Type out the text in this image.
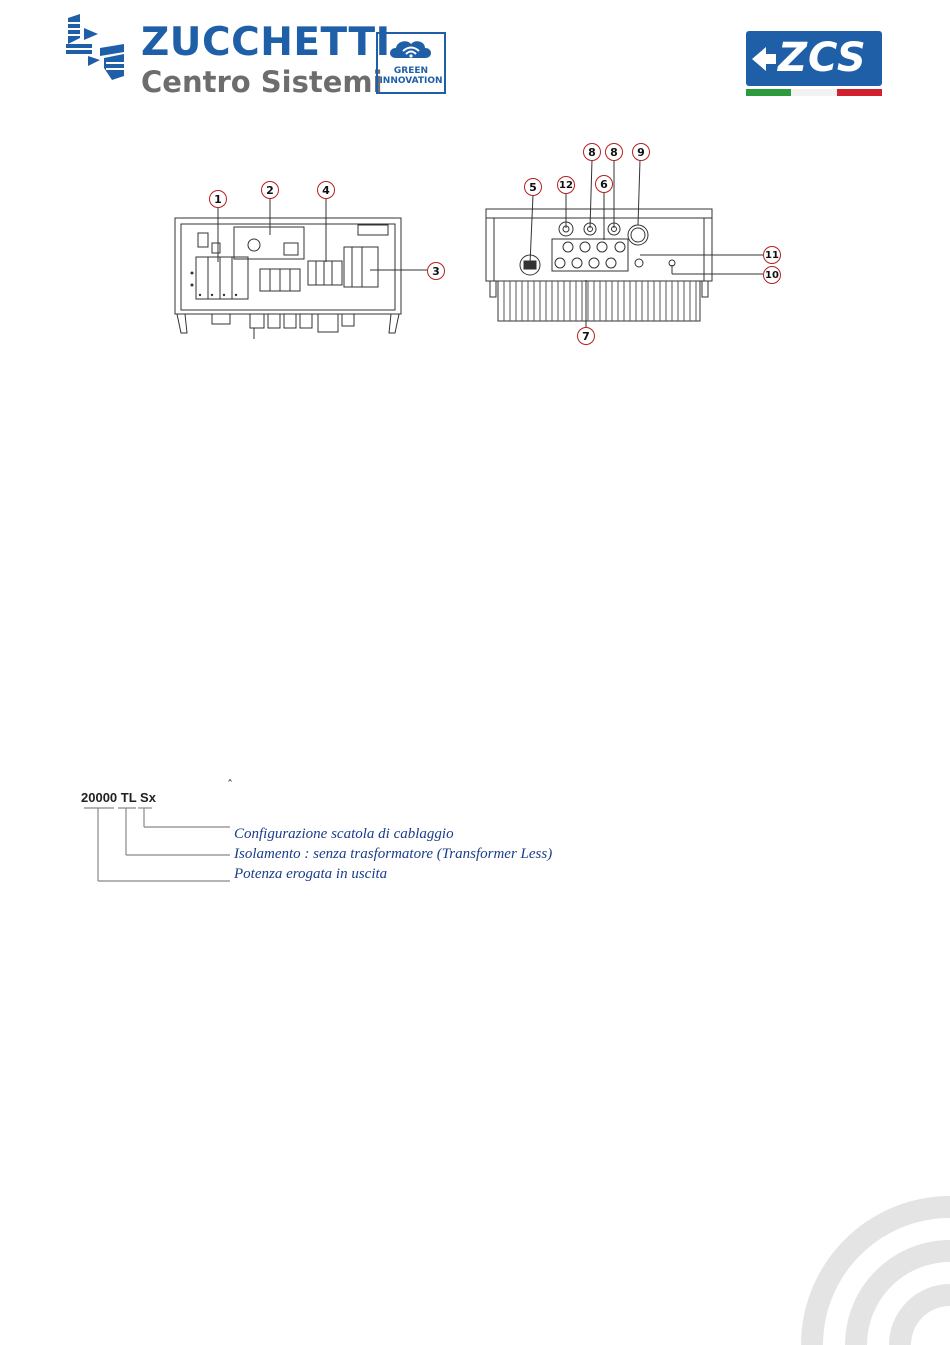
ZUCCHETTI
Centro Sistemi	GREEN
INNOVATION	ZCS
1
2	4
3
8	8	9
5	12	6
11
10
7
ˆ
20000 TL Sx
Configurazione scatola di cablaggio
Isolamento : senza trasformatore (Transformer Less)
Potenza erogata in uscita
